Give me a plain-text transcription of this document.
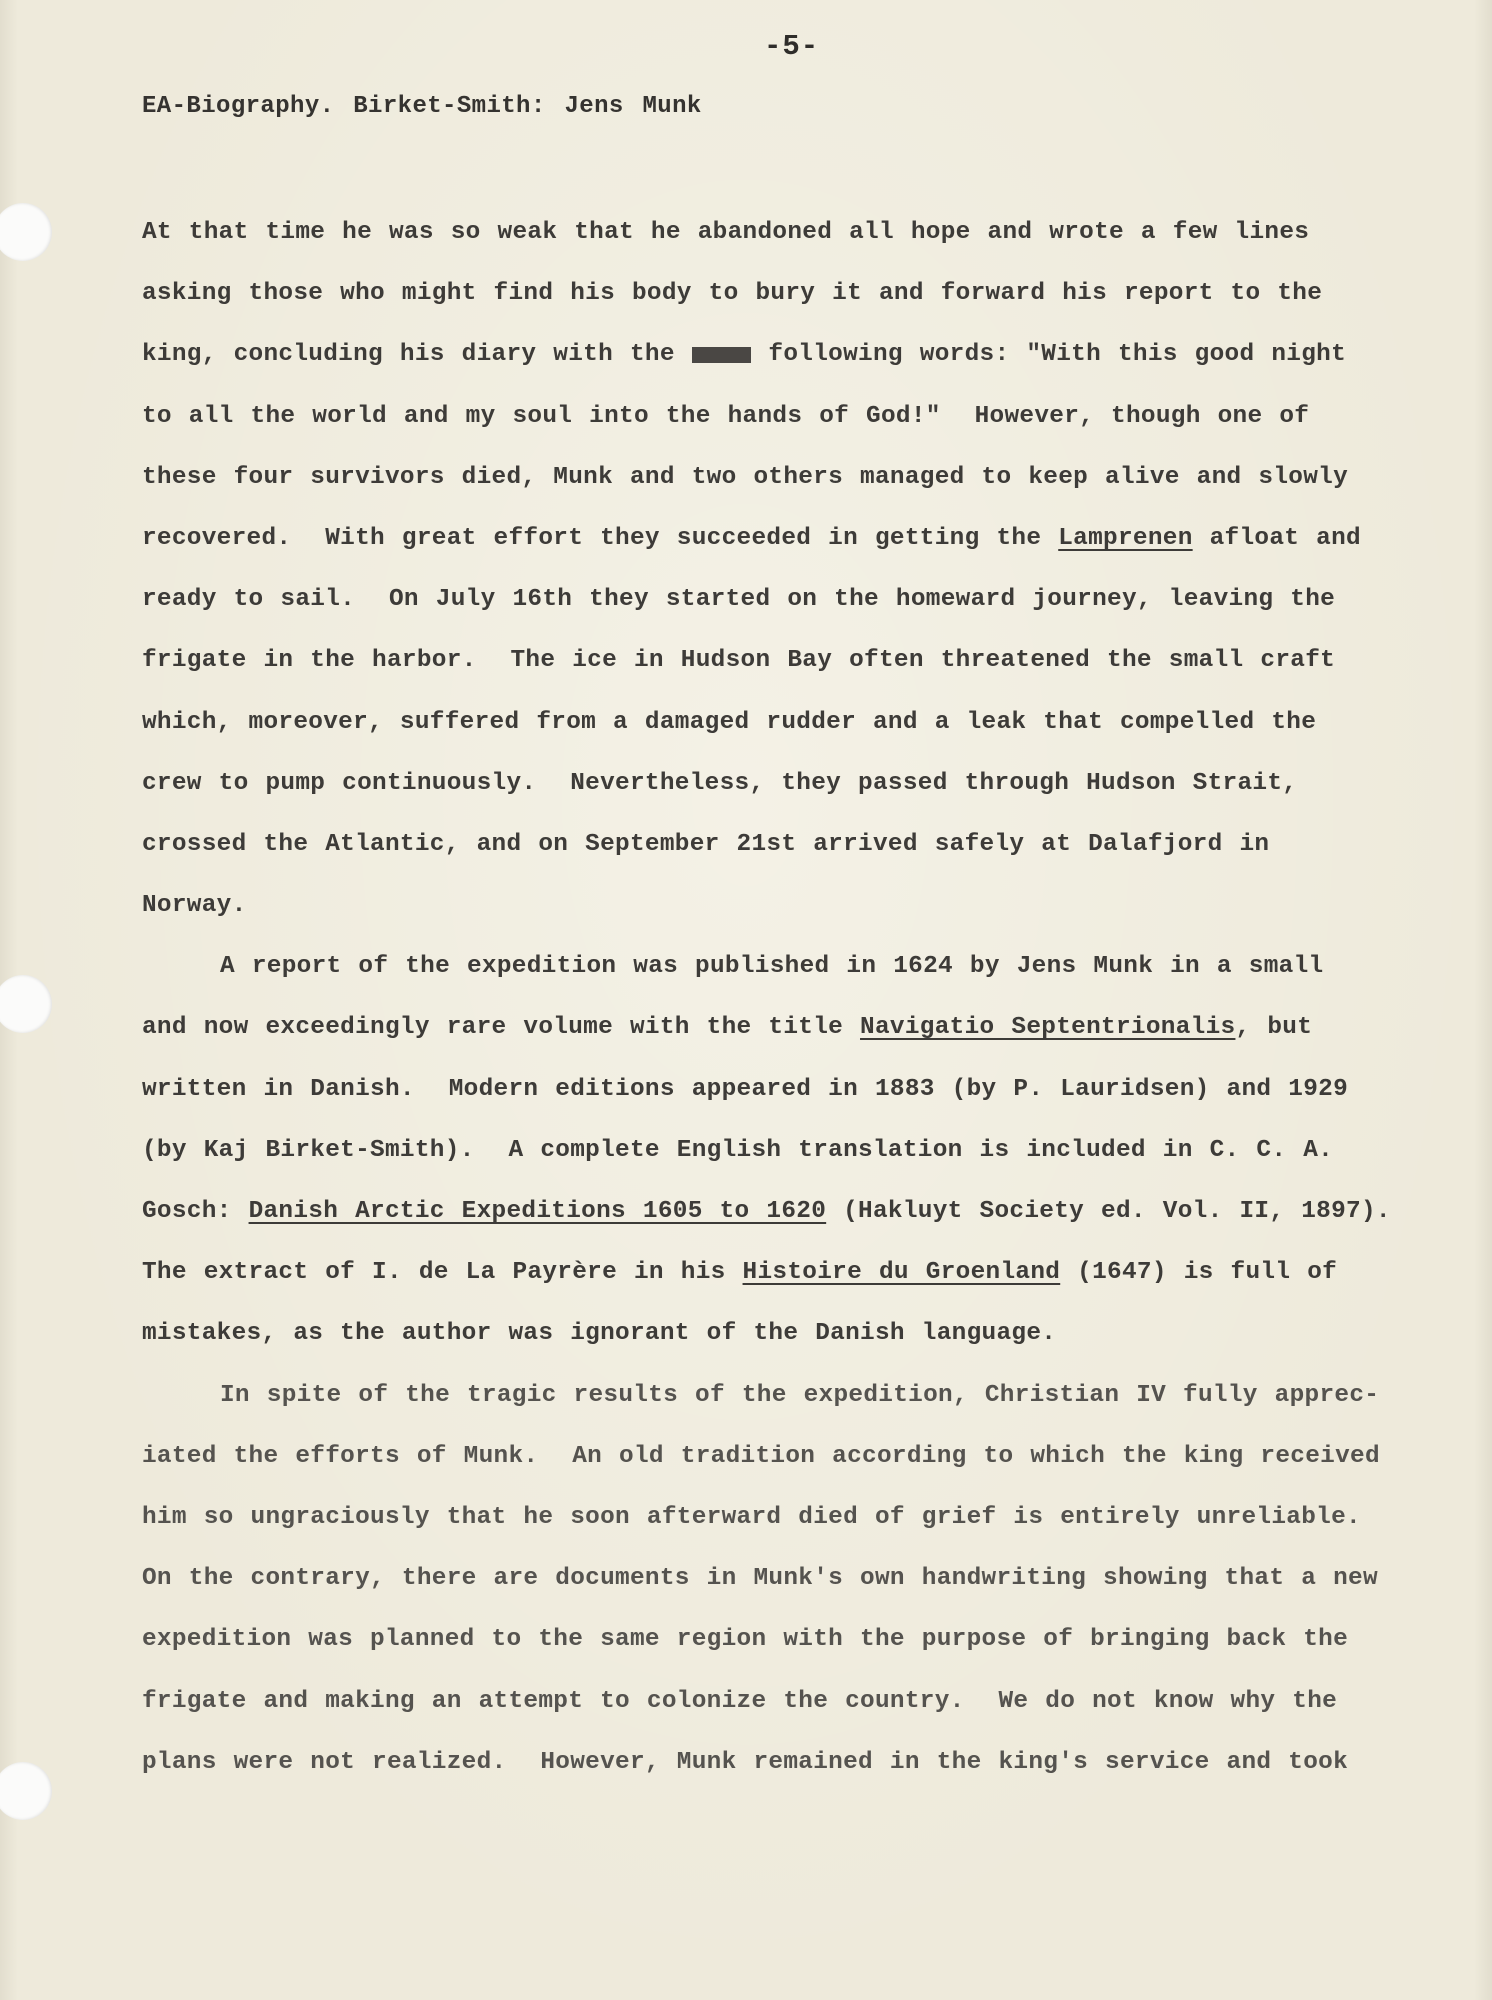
-5-
EA-Biography. Birket-Smith: Jens Munk
At that time he was so weak that he abandoned all hope and wrote a few lines
asking those who might find his body to bury it and forward his report to the
king, concluding his diary with the  following words: "With this good night
to all the world and my soul into the hands of God!"  However, though one of
these four survivors died, Munk and two others managed to keep alive and slowly
recovered.  With great effort they succeeded in getting the Lamprenen afloat and
ready to sail.  On July 16th they started on the homeward journey, leaving the
frigate in the harbor.  The ice in Hudson Bay often threatened the small craft
which, moreover, suffered from a damaged rudder and a leak that compelled the
crew to pump continuously.  Nevertheless, they passed through Hudson Strait,
crossed the Atlantic, and on September 21st arrived safely at Dalafjord in
Norway.
A report of the expedition was published in 1624 by Jens Munk in a small
and now exceedingly rare volume with the title Navigatio Septentrionalis, but
written in Danish.  Modern editions appeared in 1883 (by P. Lauridsen) and 1929
(by Kaj Birket-Smith).  A complete English translation is included in C. C. A.
Gosch: Danish Arctic Expeditions 1605 to 1620 (Hakluyt Society ed. Vol. II, 1897).
The extract of I. de La Payrère in his Histoire du Groenland (1647) is full of
mistakes, as the author was ignorant of the Danish language.
In spite of the tragic results of the expedition, Christian IV fully apprec-
iated the efforts of Munk.  An old tradition according to which the king received
him so ungraciously that he soon afterward died of grief is entirely unreliable.
On the contrary, there are documents in Munk's own handwriting showing that a new
expedition was planned to the same region with the purpose of bringing back the
frigate and making an attempt to colonize the country.  We do not know why the
plans were not realized.  However, Munk remained in the king's service and took
